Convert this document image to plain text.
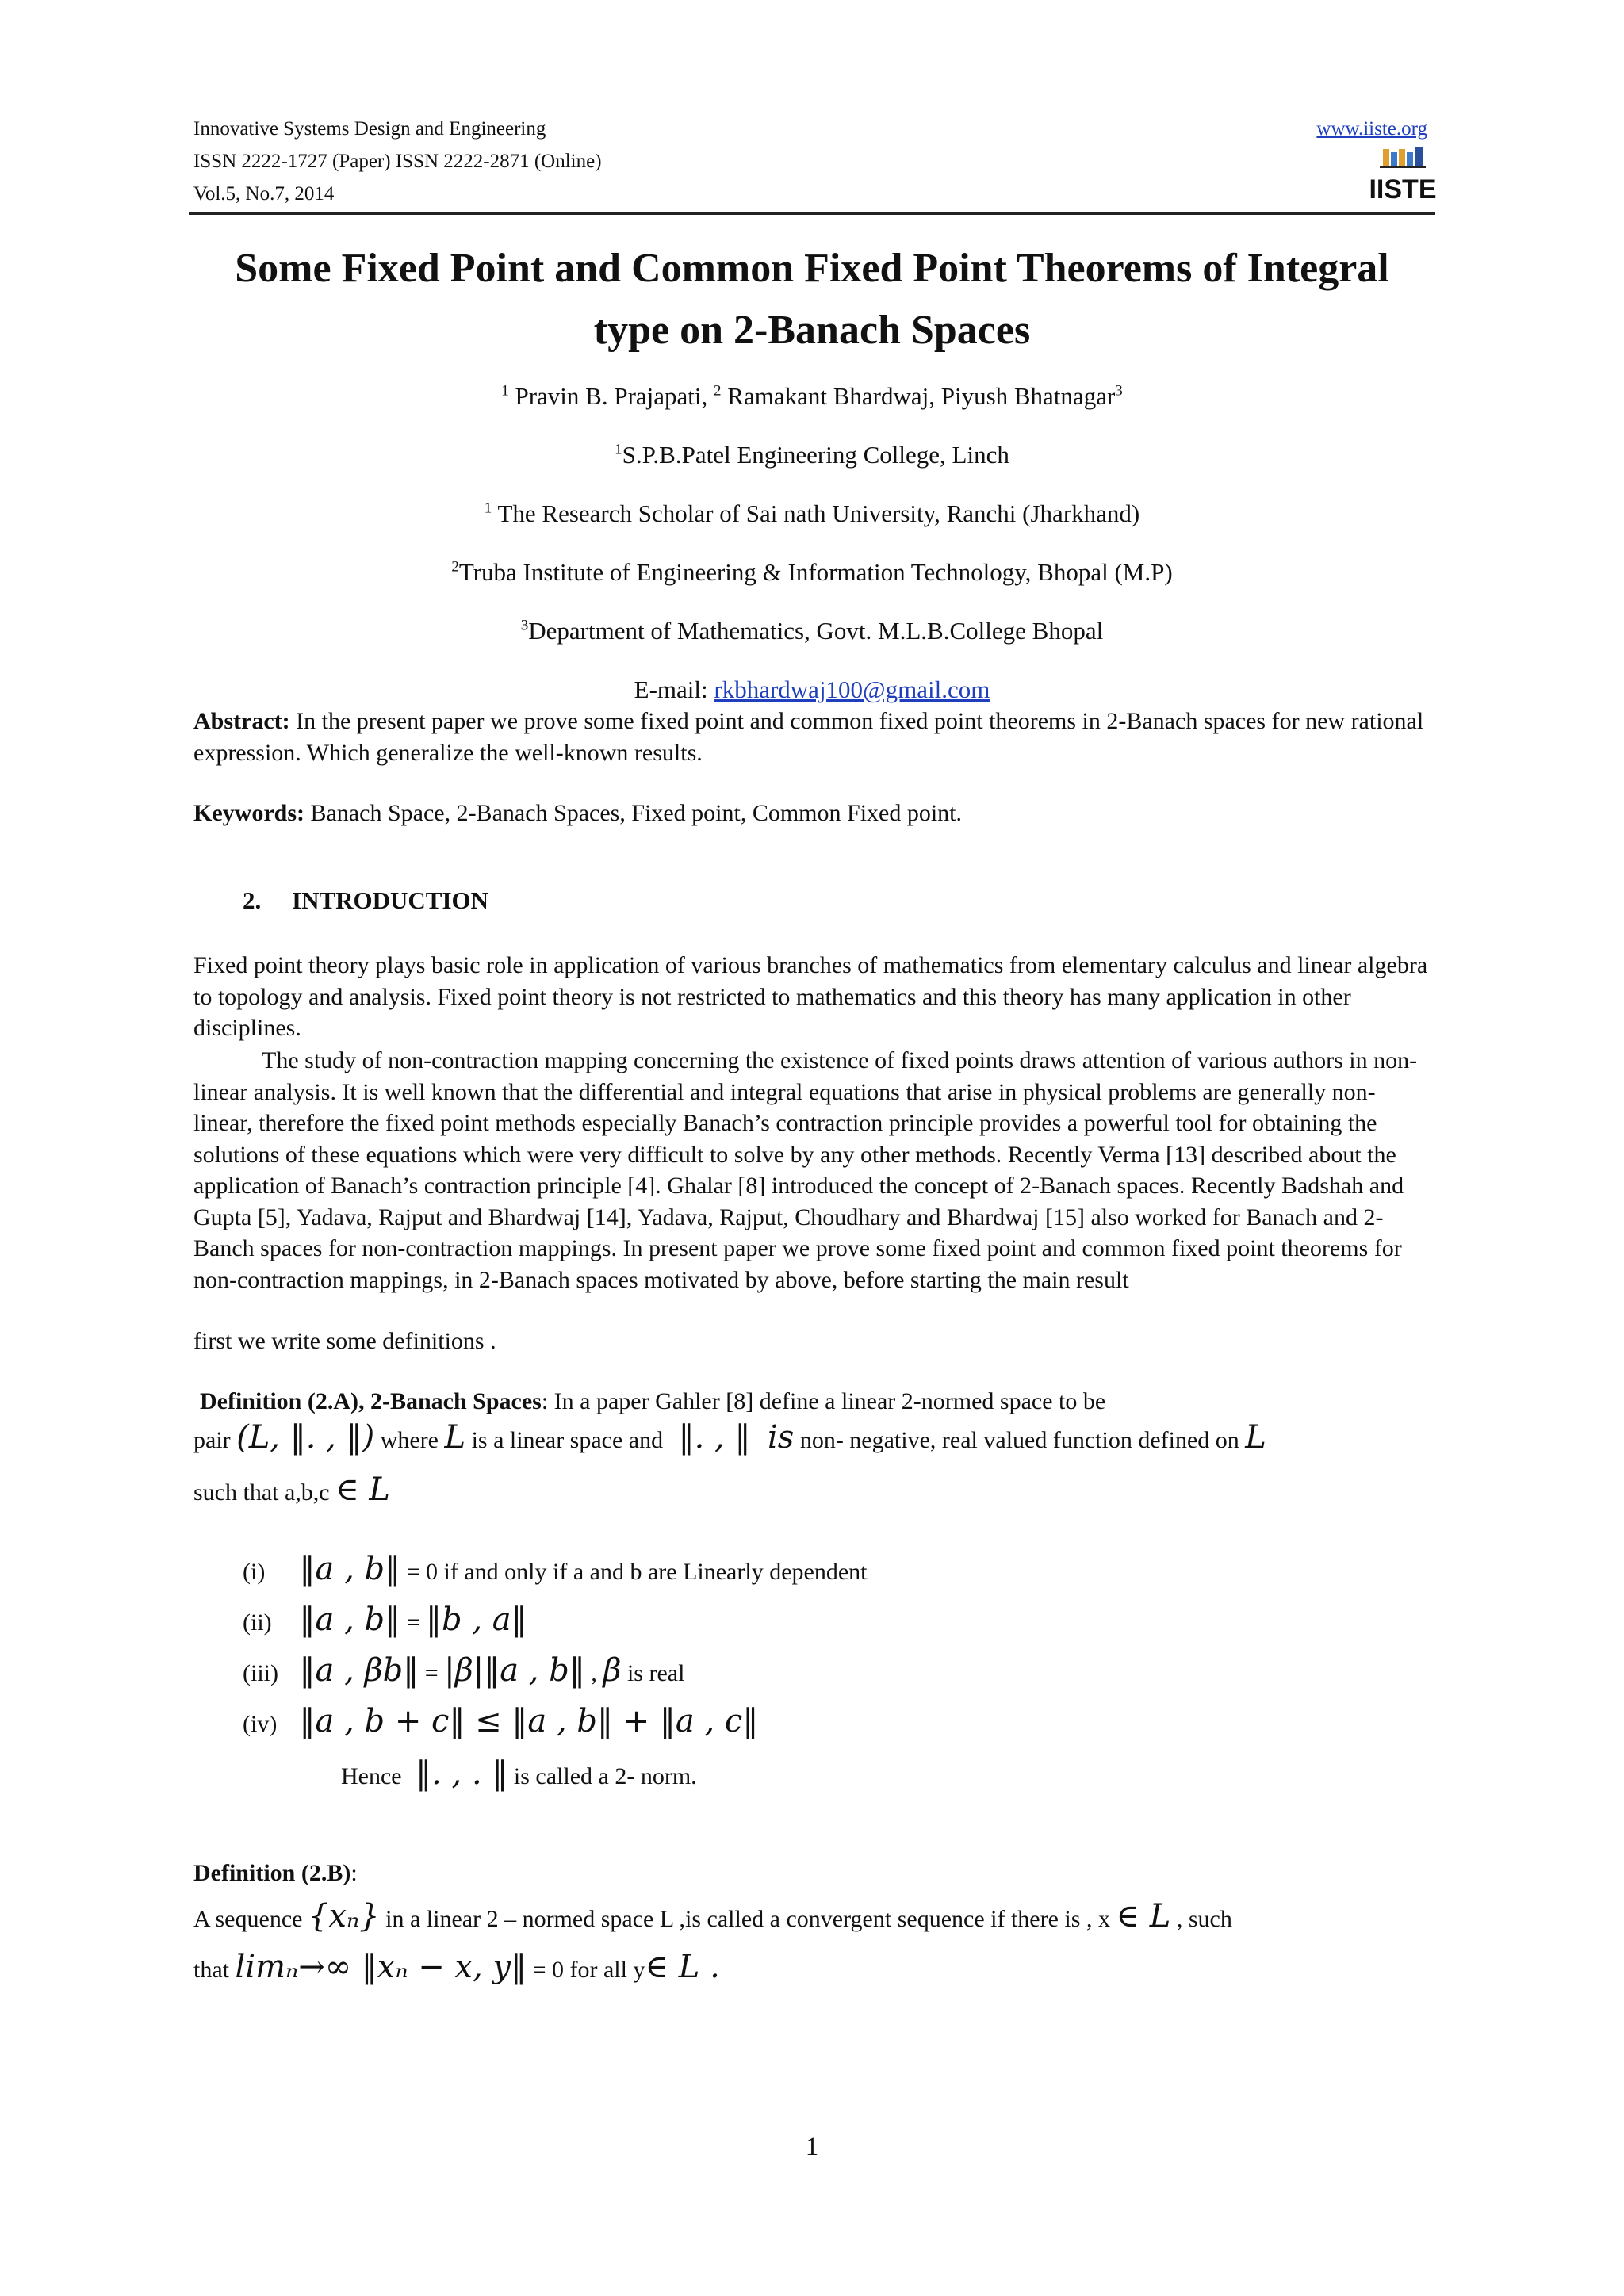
Innovative Systems Design and Engineering
ISSN 2222-1727 (Paper) ISSN 2222-2871 (Online)
Vol.5, No.7, 2014
www.iiste.org
IISTE
Some Fixed Point and Common Fixed Point Theorems of Integral
type on 2-Banach Spaces
$^1$ Pravin B. Prajapati, $^2$ Ramakant Bhardwaj, Piyush Bhatnagar$^3$
$^1$S.P.B.Patel Engineering College, Linch
$^1$ The Research Scholar of Sai nath University, Ranchi (Jharkhand)
$^2$Truba Institute of Engineering & Information Technology, Bhopal (M.P)
$^3$Department of Mathematics, Govt. M.L.B.College Bhopal
E-mail: rkbhardwaj100@gmail.com
Abstract: In the present paper we prove some fixed point and common fixed point theorems in 2-Banach spaces for new rational expression. Which generalize the well-known results.
Keywords: Banach Space, 2-Banach Spaces, Fixed point, Common Fixed point.
2. INTRODUCTION
Fixed point theory plays basic role in application of various branches of mathematics from elementary calculus and linear algebra to topology and analysis. Fixed point theory is not restricted to mathematics and this theory has many application in other disciplines.
The study of non-contraction mapping concerning the existence of fixed points draws attention of various authors in non-linear analysis. It is well known that the differential and integral equations that arise in physical problems are generally non-linear, therefore the fixed point methods especially Banach’s contraction principle provides a powerful tool for obtaining the solutions of these equations which were very difficult to solve by any other methods. Recently Verma [13] described about the application of Banach’s contraction principle [4]. Ghalar [8] introduced the concept of 2-Banach spaces. Recently Badshah and Gupta [5], Yadava, Rajput and Bhardwaj [14], Yadava, Rajput, Choudhary and Bhardwaj [15] also worked for Banach and 2-Banch spaces for non-contraction mappings. In present paper we prove some fixed point and common fixed point theorems for non-contraction mappings, in 2-Banach spaces motivated by above, before starting the main result
first we write some definitions .
Definition (2.A), 2-Banach Spaces: In a paper Gahler [8] define a linear 2-normed space to be
pair (L, ‖. , ‖) where L is a linear space and ‖. , ‖ is non- negative, real valued function defined on L
such that a,b,c ∈ L
(i) ‖a , b‖ = 0 if and only if a and b are Linearly dependent
(ii) ‖a , b‖ = ‖b , a‖
(iii) ‖a , βb‖ = |β|‖a , b‖ , β is real
(iv) ‖a , b + c‖ ≤ ‖a , b‖ + ‖a , c‖
Hence ‖. , . ‖ is called a 2- norm.
Definition (2.B):
A sequence {xₙ} in a linear 2 – normed space L ,is called a convergent sequence if there is , x ∈ L , such
that limₙ→∞ ‖xₙ − x, y‖ = 0 for all y∈ L .
1
